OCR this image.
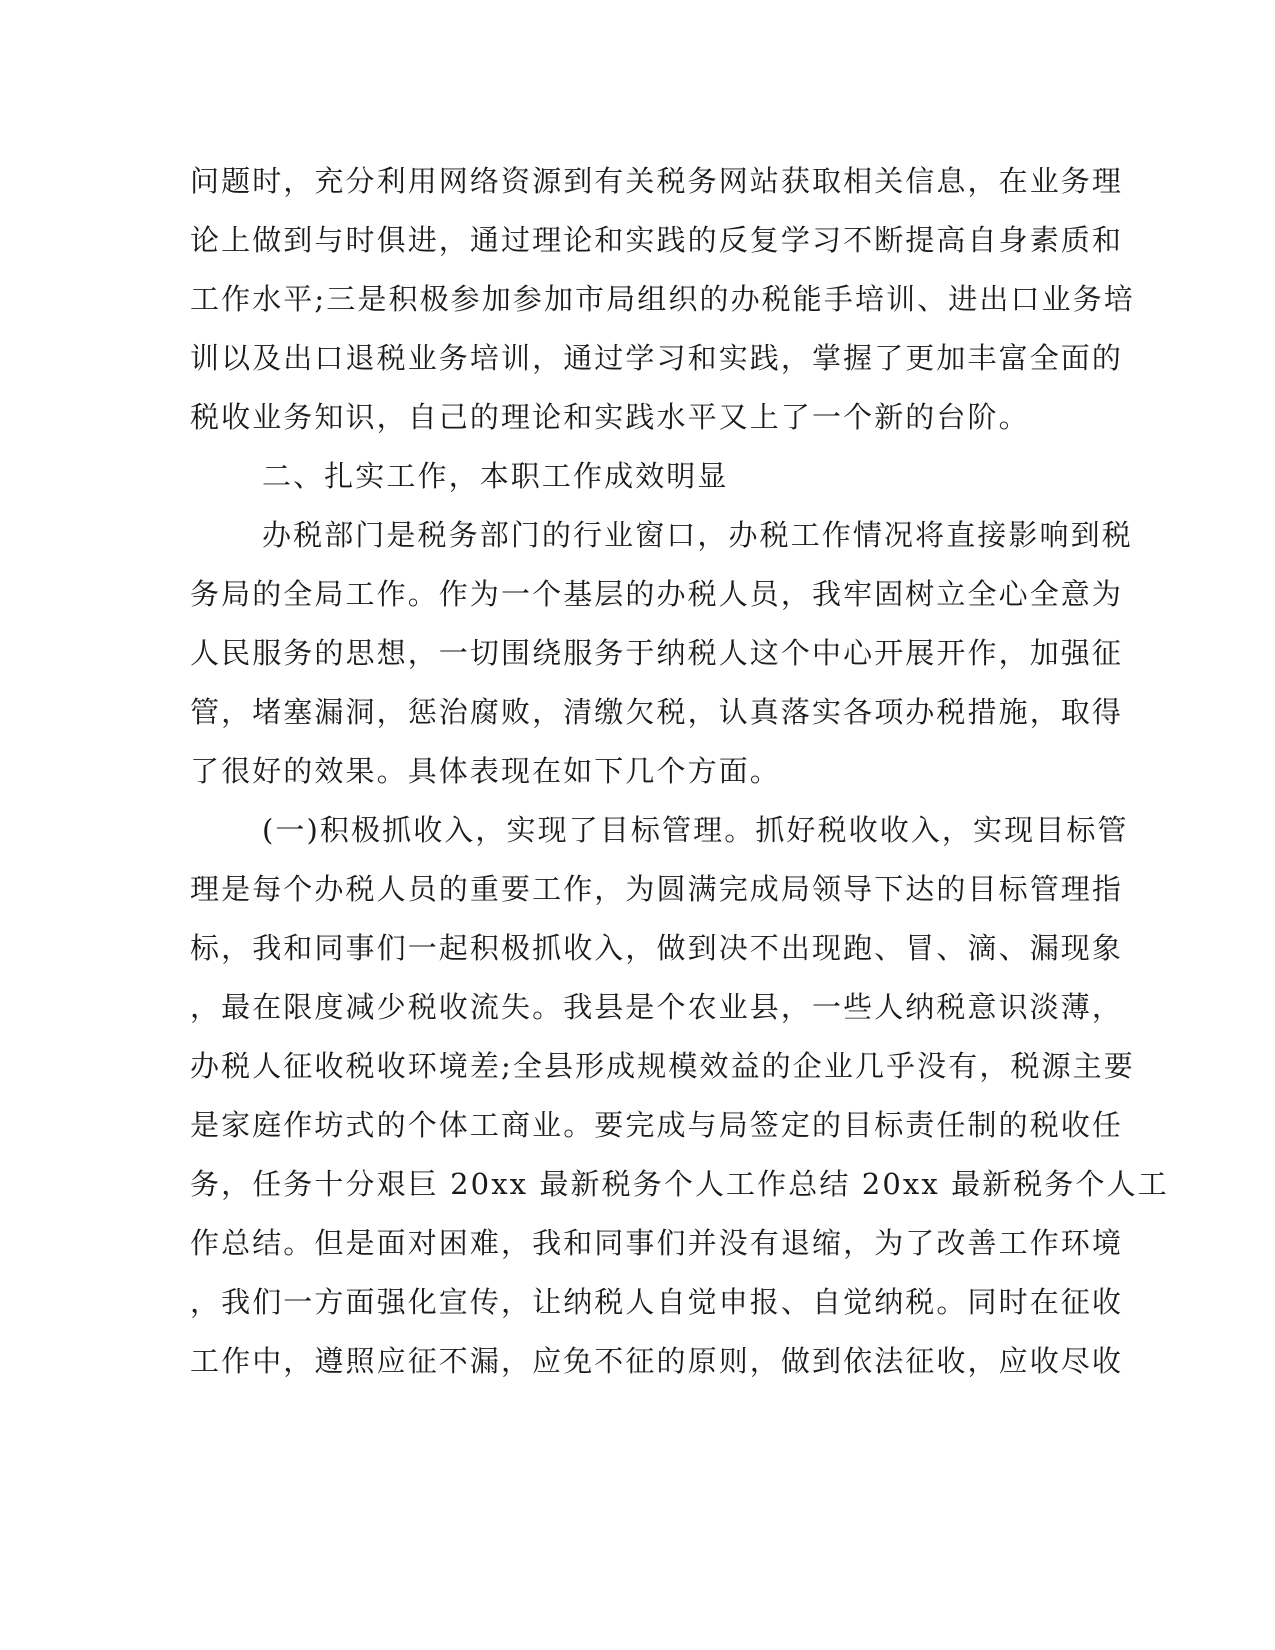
问题时，充分利用网络资源到有关税务网站获取相关信息，在业务理
论上做到与时俱进，通过理论和实践的反复学习不断提高自身素质和
工作水平;三是积极参加参加市局组织的办税能手培训、进出口业务培
训以及出口退税业务培训，通过学习和实践，掌握了更加丰富全面的
税收业务知识，自己的理论和实践水平又上了一个新的台阶。
二、扎实工作，本职工作成效明显
办税部门是税务部门的行业窗口，办税工作情况将直接影响到税
务局的全局工作。作为一个基层的办税人员，我牢固树立全心全意为
人民服务的思想，一切围绕服务于纳税人这个中心开展开作，加强征
管，堵塞漏洞，惩治腐败，清缴欠税，认真落实各项办税措施，取得
了很好的效果。具体表现在如下几个方面。
(一)积极抓收入，实现了目标管理。抓好税收收入，实现目标管
理是每个办税人员的重要工作，为圆满完成局领导下达的目标管理指
标，我和同事们一起积极抓收入，做到决不出现跑、冒、滴、漏现象
，最在限度减少税收流失。我县是个农业县，一些人纳税意识淡薄，
办税人征收税收环境差;全县形成规模效益的企业几乎没有，税源主要
是家庭作坊式的个体工商业。要完成与局签定的目标责任制的税收任
务，任务十分艰巨 20xx 最新税务个人工作总结 20xx 最新税务个人工
作总结。但是面对困难，我和同事们并没有退缩，为了改善工作环境
，我们一方面强化宣传，让纳税人自觉申报、自觉纳税。同时在征收
工作中，遵照应征不漏，应免不征的原则，做到依法征收，应收尽收
